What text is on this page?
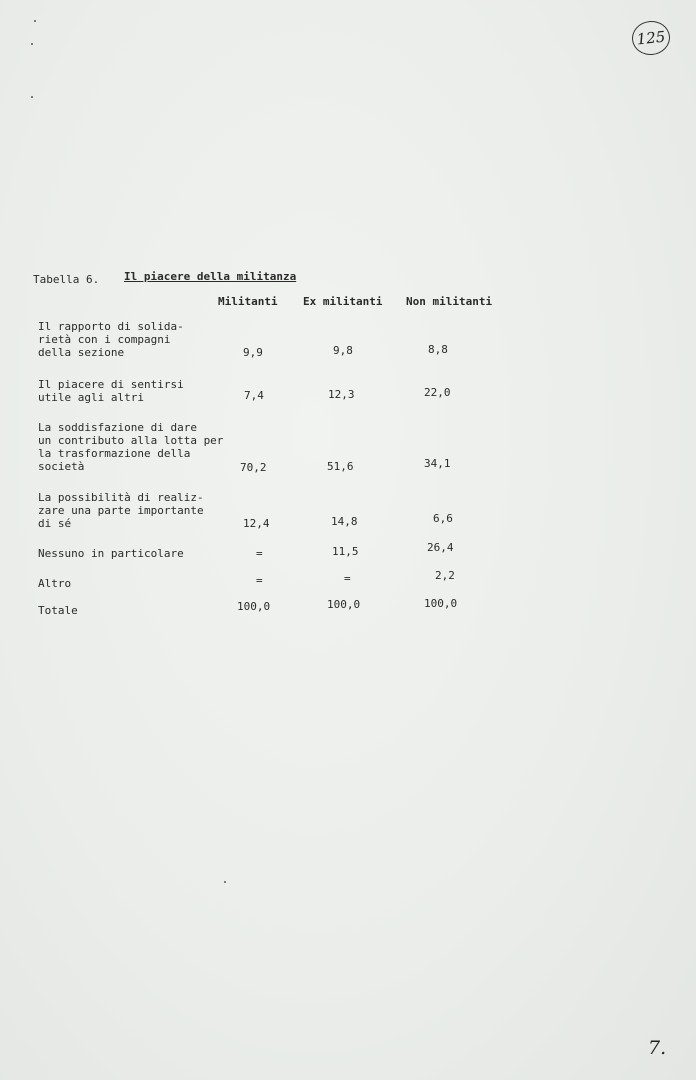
125
Tabella 6. Il piacere della militanza
Militanti Ex militanti Non militanti
Il rapporto di solida-
rietà con i compagni
della sezione	9,9	9,8	8,8
Il piacere di sentirsi
utile agli altri	7,4	12,3	22,0
La soddisfazione di dare
un contributo alla lotta per
la trasformazione della
società	70,2	51,6	34,1
La possibilità di realiz-
zare una parte importante
di sé	12,4	14,8	6,6
Nessuno in particolare	=	11,5	26,4
Altro	=	=	2,2
Totale	100,0	100,0	100,0
7.
